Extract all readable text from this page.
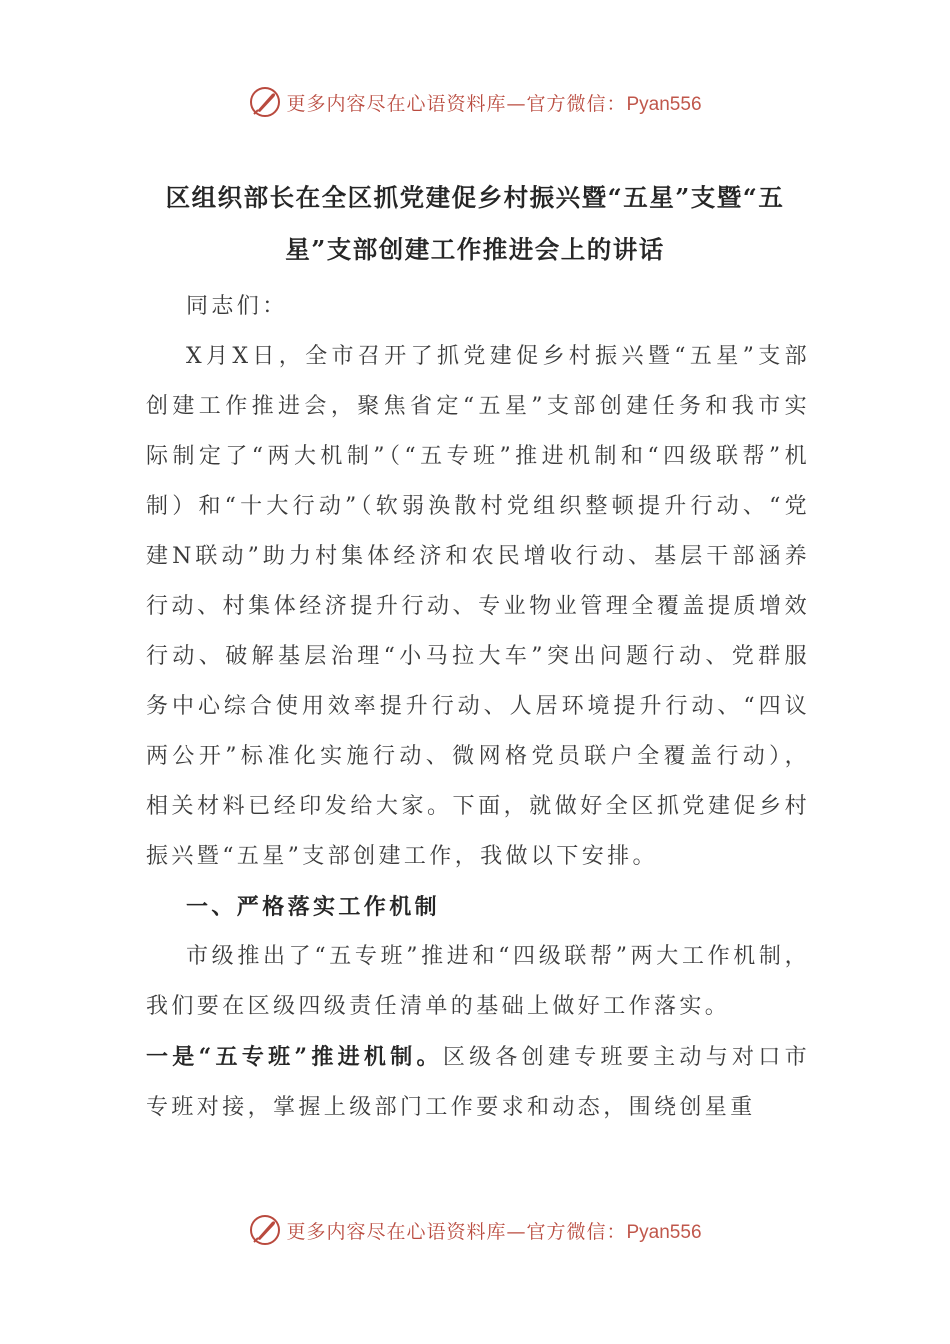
更多内容尽在心语资料库—官方微信：Pyan556
区组织部长在全区抓党建促乡村振兴暨“五星”支暨“五星”支部创建工作推进会上的讲话

同志们：

X月X日，全市召开了抓党建促乡村振兴暨“五星”支部创建工作推进会，聚焦省定“五星”支部创建任务和我市实际制定了“两大机制”（“五专班”推进机制和“四级联帮”机制）和“十大行动”（软弱涣散村党组织整顿提升行动、“党建N联动”助力村集体经济和农民增收行动、基层干部涵养行动、村集体经济提升行动、专业物业管理全覆盖提质增效行动、破解基层治理“小马拉大车”突出问题行动、党群服务中心综合使用效率提升行动、人居环境提升行动、“四议两公开”标准化实施行动、微网格党员联户全覆盖行动），相关材料已经印发给大家。下面，就做好全区抓党建促乡村振兴暨“五星”支部创建工作，我做以下安排。

一、严格落实工作机制

市级推出了“五专班”推进和“四级联帮”两大工作机制，我们要在区级四级责任清单的基础上做好工作落实。

一是“五专班”推进机制。区级各创建专班要主动与对口市专班对接，掌握上级部门工作要求和动态，围绕创星重

更多内容尽在心语资料库—官方微信：Pyan556
